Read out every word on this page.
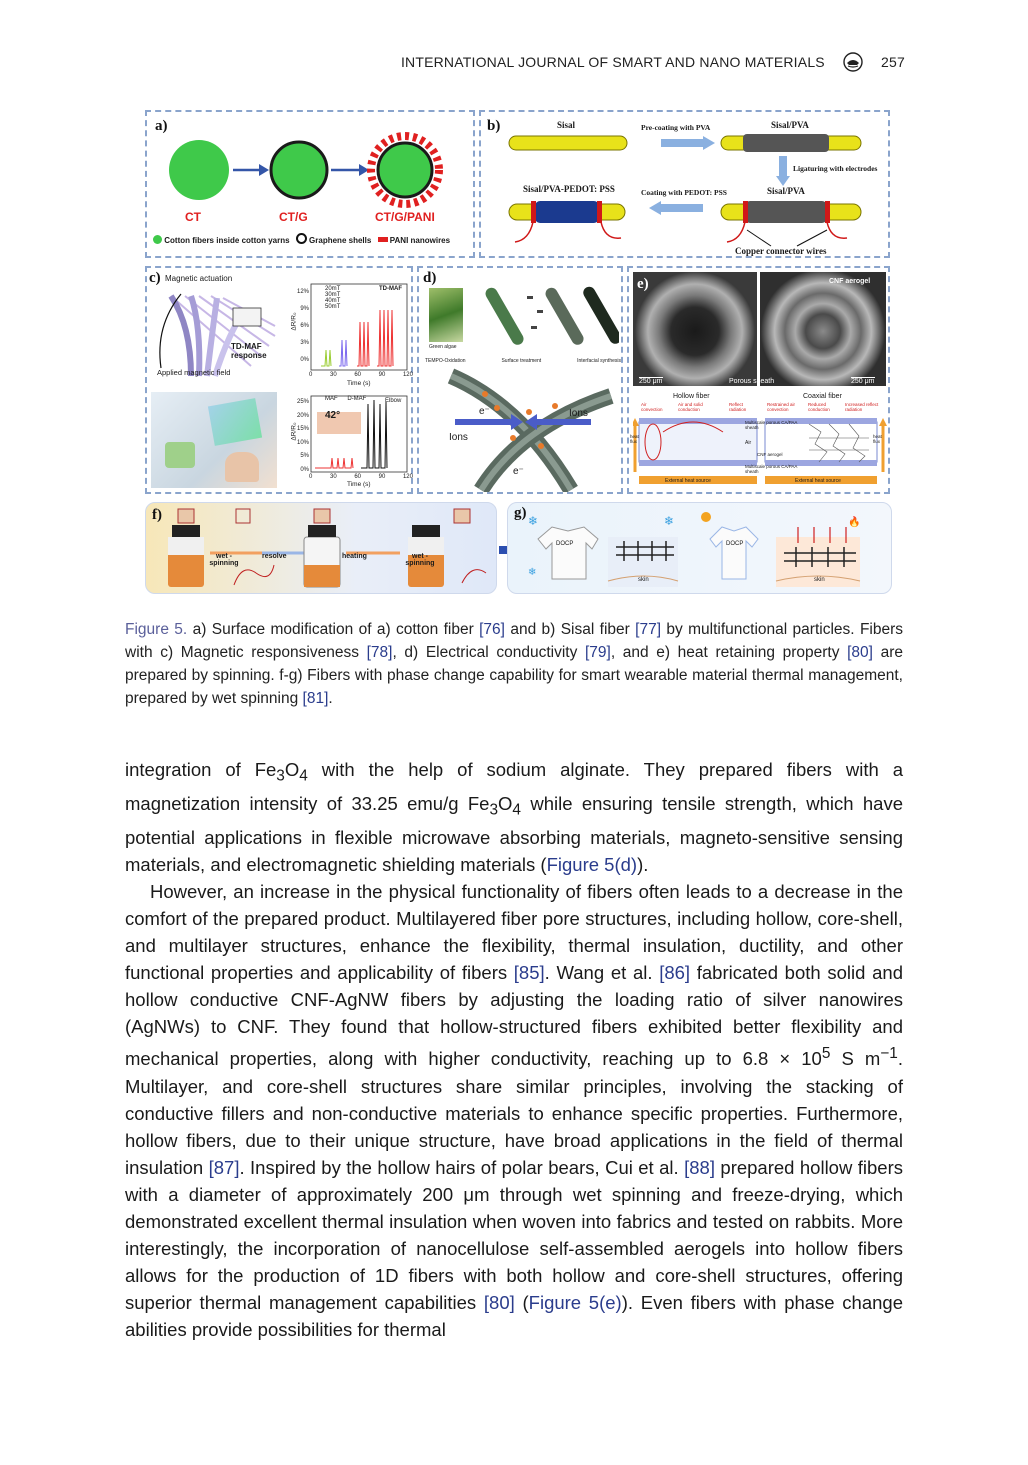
INTERNATIONAL JOURNAL OF SMART AND NANO MATERIALS	257
a)
CT	CT/G	CT/G/PANI
Cotton fibers inside cotton yarns Graphene shells PANI nanowires
b)	Sisal	Pre-coating with PVA	Sisal/PVA
Ligaturing with electrodes
Sisal/PVA-PEDOT: PSS	Coating with PEDOT: PSS	Sisal/PVA
Copper connector wires
c) Magnetic actuation
TD-MAF response
Applied magnetic field
TD-MAF
20mT
30mT
40mT
50mT
12%
9%
6%
3%
0%
0	30	60	90	120
Time (s)
ΔR/R₀
42°
Elbow
MAF D-MAF
25%
20%
15%
10%
5%
0%
0	30	60	90	120
Time (s)
ΔR/R₀
d)
Green algae
TEMPO-Oxidation	Surface treatment	Interfacial synthesis
Ions
Ions
e⁻
e⁻
e)	CNF aerogel
Porous sheath
250 μm	250 μm
Hollow fiber	Coaxial fiber
Air convection
Air and solid conduction
Reflect radiation
Restrained air convection
Reduced conduction
Increased reflect radiation
Air
CNF aerogel
Multiscale porous CA/PAA sheath
Multiscale porous CA/PAA sheath
heat flux
heat flux
External heat source	External heat source
f)
wet -spinning
resolve	heating	wet -spinning
g) ❄
❄
❄	🔥
DOCP	DOCP
skin	skin
Figure 5. a) Surface modification of a) cotton fiber [76] and b) Sisal fiber [77] by multifunctional particles. Fibers with c) Magnetic responsiveness [78], d) Electrical conductivity [79], and e) heat retaining property [80] are prepared by spinning. f-g) Fibers with phase change capability for smart wearable material thermal management, prepared by wet spinning [81].

integration of $Fe_3O_4$ with the help of sodium alginate. They prepared fibers with a magnetization intensity of 33.25 emu/g $Fe_3O_4$ while ensuring tensile strength, which have potential applications in flexible microwave absorbing materials, magneto-sensitive sensing materials, and electromagnetic shielding materials (Figure 5(d)).

However, an increase in the physical functionality of fibers often leads to a decrease in the comfort of the prepared product. Multilayered fiber pore structures, including hollow, core-shell, and multilayer structures, enhance the flexibility, thermal insulation, ductility, and other functional properties and applicability of fibers [85]. Wang et al. [86] fabricated both solid and hollow conductive CNF-AgNW fibers by adjusting the loading ratio of silver nanowires (AgNWs) to CNF. They found that hollow-structured fibers exhibited better flexibility and mechanical properties, along with higher conductivity, reaching up to $6.8 \times 10^5$ S $m^{-1}$. Multilayer, and core-shell structures share similar principles, involving the stacking of conductive fillers and non-conductive materials to enhance specific properties. Furthermore, hollow fibers, due to their unique structure, have broad applications in the field of thermal insulation [87]. Inspired by the hollow hairs of polar bears, Cui et al. [88] prepared hollow fibers with a diameter of approximately 200 μm through wet spinning and freeze-drying, which demonstrated excellent thermal insulation when woven into fabrics and tested on rabbits. More interestingly, the incorporation of nanocellulose self-assembled aerogels into hollow fibers allows for the production of 1D fibers with both hollow and core-shell structures, offering superior thermal management capabilities [80] (Figure 5(e)). Even fibers with phase change abilities provide possibilities for thermal
